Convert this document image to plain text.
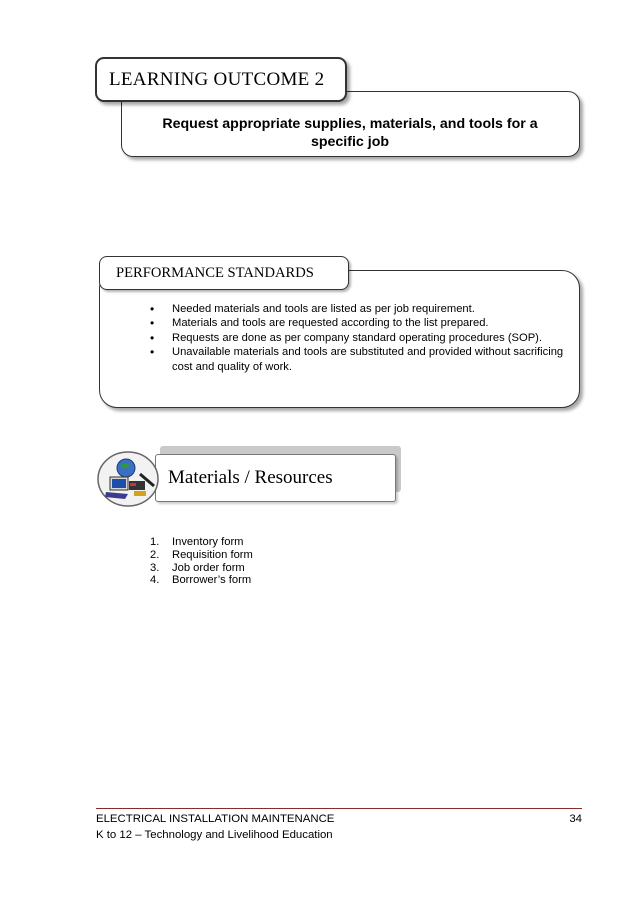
LEARNING OUTCOME 2
Request appropriate supplies, materials, and tools for a specific job
PERFORMANCE STANDARDS
• Needed materials and tools are listed as per job requirement.
• Materials and tools are requested according to the list prepared.
• Requests are done as per company standard operating procedures (SOP).
• Unavailable materials and tools are substituted and provided without sacrificing cost and quality of work.
Materials / Resources
1. Inventory form
2. Requisition form
3. Job order form
4. Borrower’s form
ELECTRICAL INSTALLATION MAINTENANCE
K to 12 – Technology and Livelihood Education
34
